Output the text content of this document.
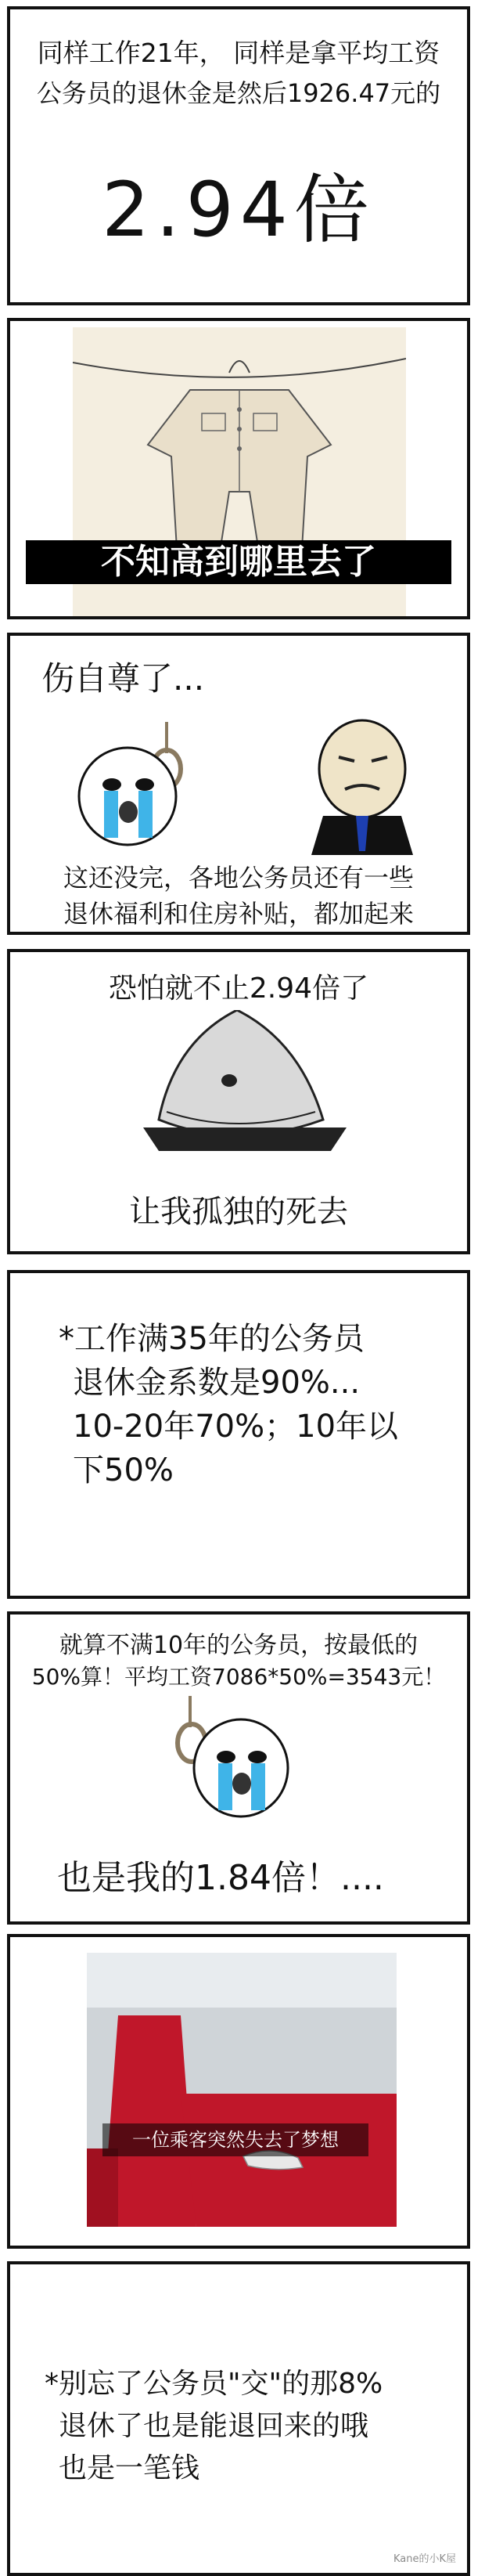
同样工作21年， 同样是拿平均工资
公务员的退休金是然后1926.47元的
2.94倍
不知高到哪里去了
伤自尊了...
这还没完，各地公务员还有一些
退休福利和住房补贴，都加起来
恐怕就不止2.94倍了
让我孤独的死去
*工作满35年的公务员
退休金系数是90%...
10-20年70%；10年以
下50%
就算不满10年的公务员，按最低的
50%算！平均工资7086*50%=3543元！
也是我的1.84倍！....
一位乘客突然失去了梦想
*别忘了公务员"交"的那8%
退休了也是能退回来的哦
也是一笔钱
Kane的小K屋
